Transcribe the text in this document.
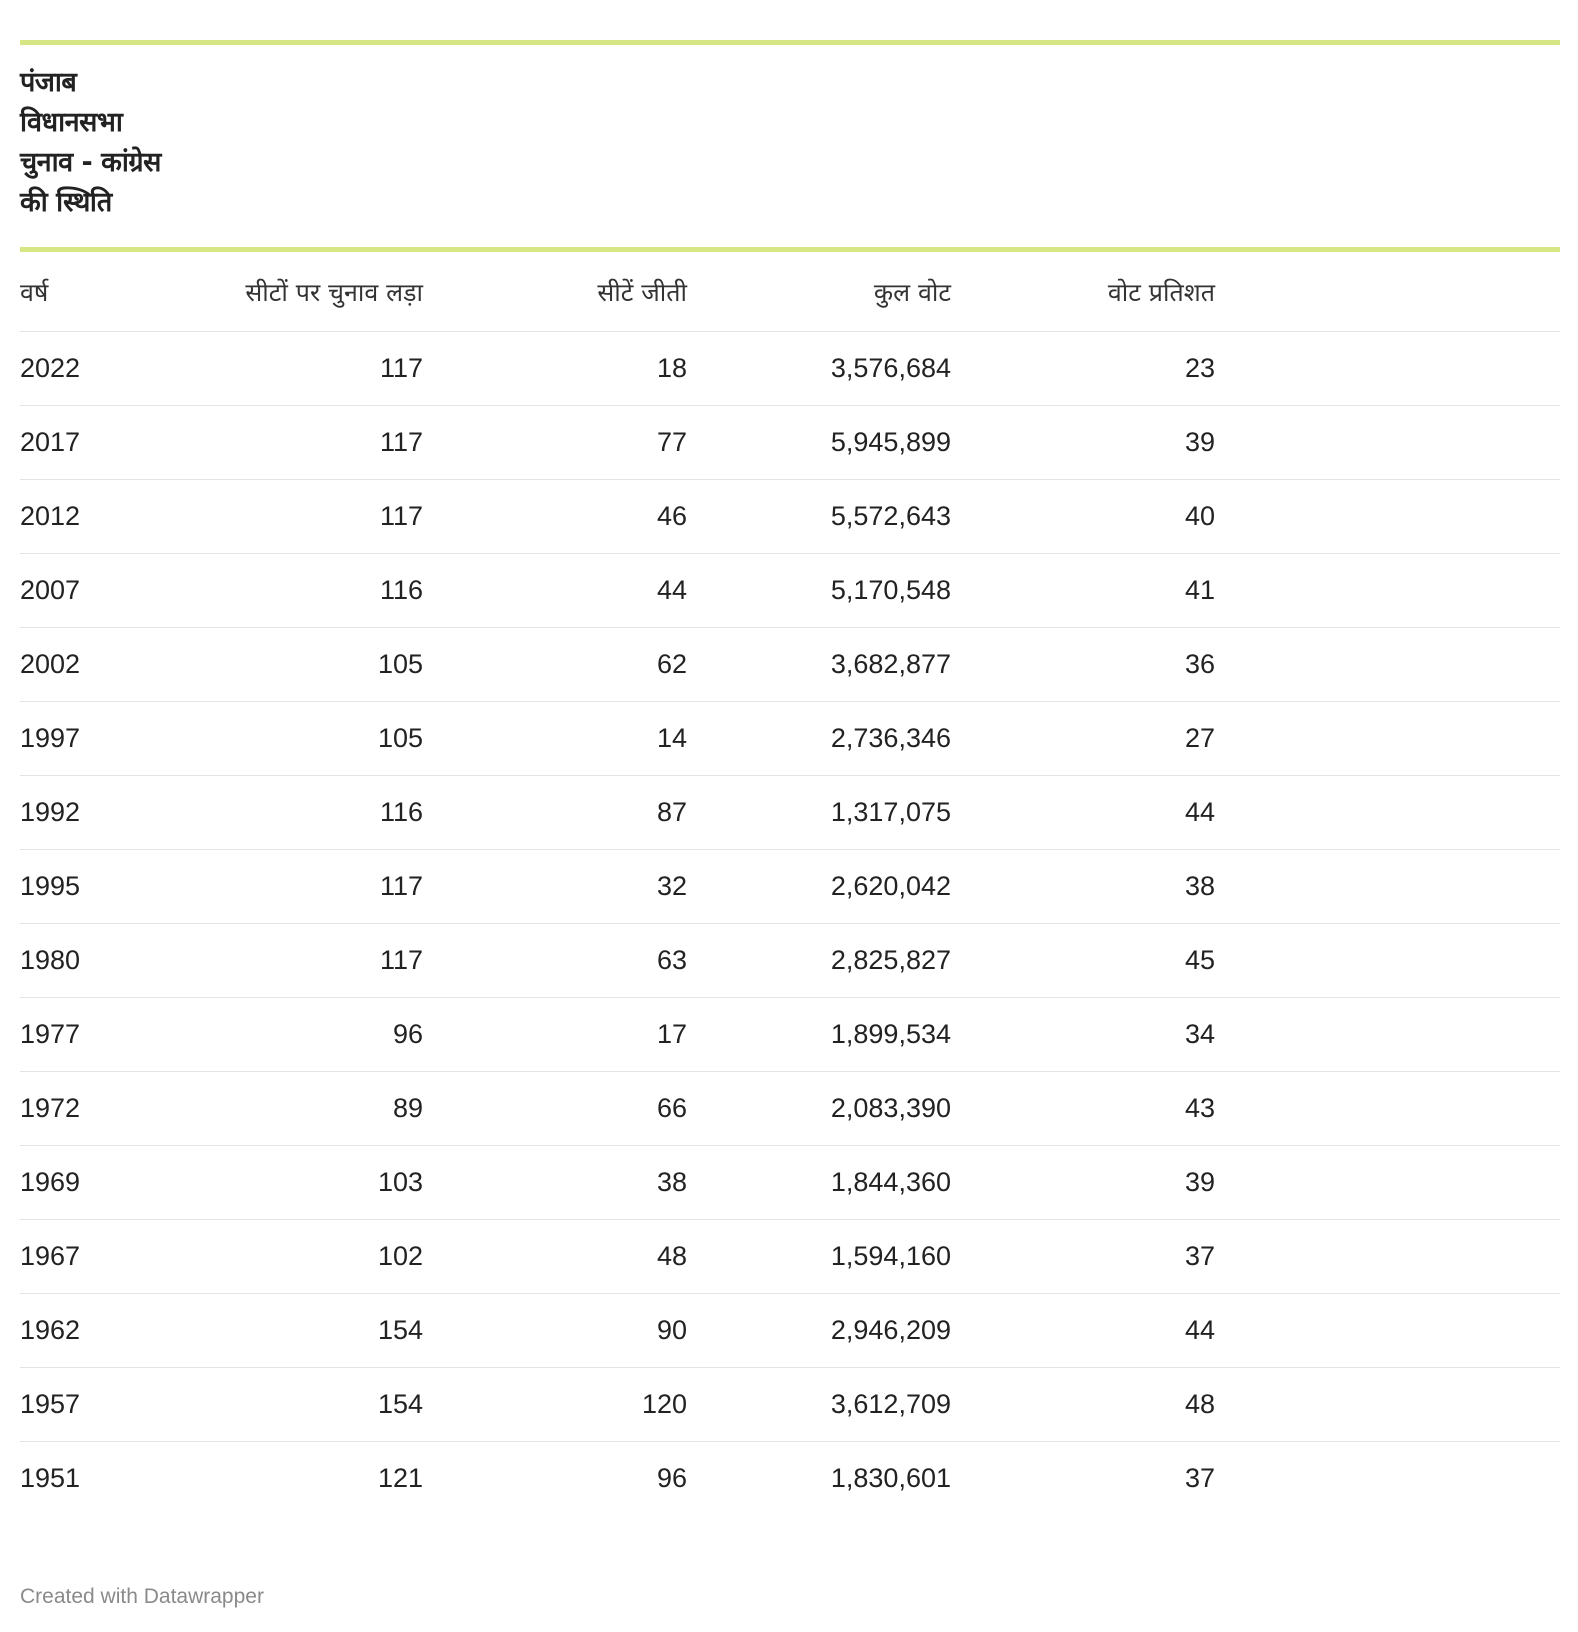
पंजाब विधानसभा चुनाव - कांग्रेस की स्थिति
वर्ष	सीटों पर चुनाव लड़ा	सीटें जीती	कुल वोट	वोट प्रतिशत	
2022	117	18	3,576,684	23	
2017	117	77	5,945,899	39	
2012	117	46	5,572,643	40	
2007	116	44	5,170,548	41	
2002	105	62	3,682,877	36	
1997	105	14	2,736,346	27	
1992	116	87	1,317,075	44	
1995	117	32	2,620,042	38	
1980	117	63	2,825,827	45	
1977	96	17	1,899,534	34	
1972	89	66	2,083,390	43	
1969	103	38	1,844,360	39	
1967	102	48	1,594,160	37	
1962	154	90	2,946,209	44	
1957	154	120	3,612,709	48	
1951	121	96	1,830,601	37	
Created with Datawrapper
